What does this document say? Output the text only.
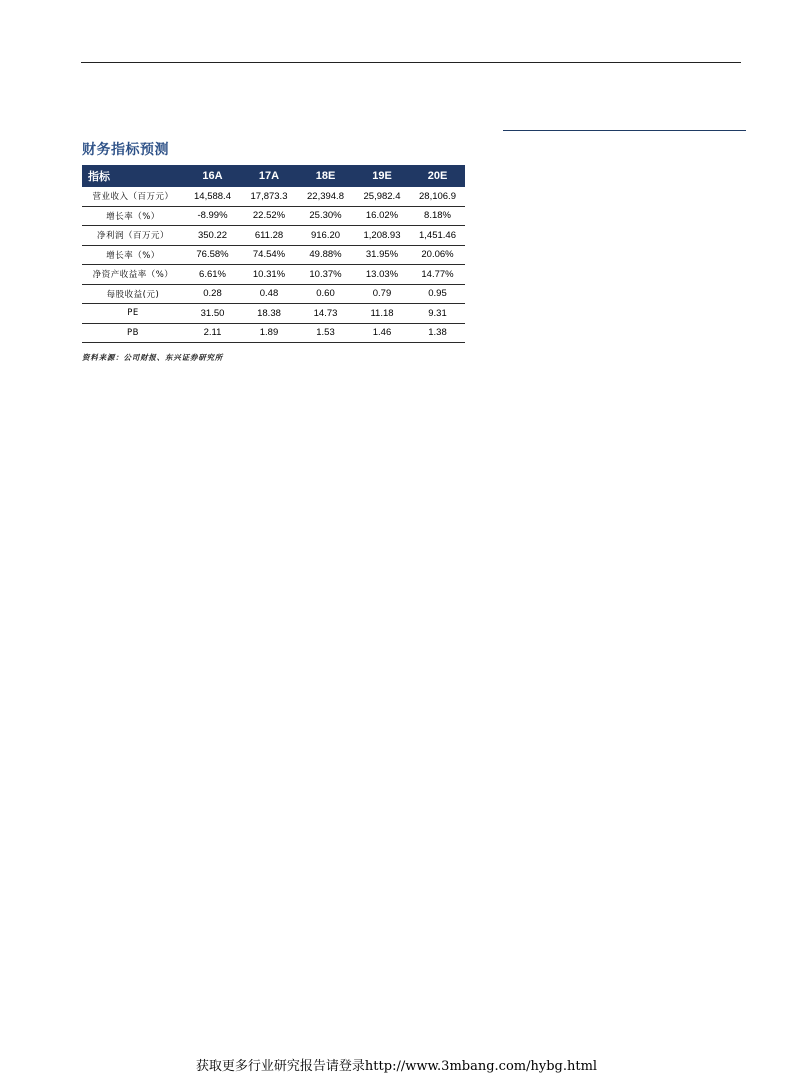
财务指标预测
指标	16A	17A	18E	19E	20E
营业收入（百万元）	14,588.4	17,873.3	22,394.8	25,982.4	28,106.9
增长率（%）	-8.99%	22.52%	25.30%	16.02%	8.18%
净利润（百万元）	350.22	611.28	916.20	1,208.93	1,451.46
增长率（%）	76.58%	74.54%	49.88%	31.95%	20.06%
净资产收益率（%）	6.61%	10.31%	10.37%	13.03%	14.77%
每股收益(元)	0.28	0.48	0.60	0.79	0.95
PE	31.50	18.38	14.73	11.18	9.31
PB	2.11	1.89	1.53	1.46	1.38
资料来源：公司财报、东兴证券研究所
获取更多行业研究报告请登录http://www.3mbang.com/hybg.html
